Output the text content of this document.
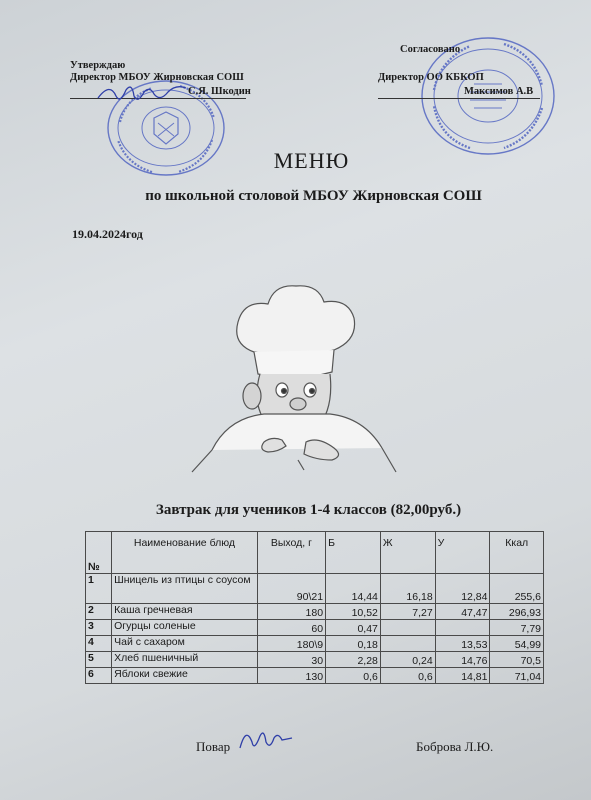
Утверждаю
Директор МБОУ Жирновская СОШ
С.Я. Шкодин
Согласовано
Директор ОО КБКОП
Максимов А.В
МЕНЮ
по школьной столовой МБОУ Жирновская СОШ
19.04.2024год
Завтрак для учеников 1-4 классов (82,00руб.)
№	Наименование блюд	Выход, г	Б	Ж	У	Ккал
1	Шницель из птицы с соусом	90\21	14,44	16,18	12,84	255,6
2	Каша гречневая	180	10,52	7,27	47,47	296,93
3	Огурцы соленые	60	0,47			7,79
4	Чай с сахаром	180\9	0,18		13,53	54,99
5	Хлеб пшеничный	30	2,28	0,24	14,76	70,5
6	Яблоки свежие	130	0,6	0,6	14,81	71,04
Повар	Боброва Л.Ю.
